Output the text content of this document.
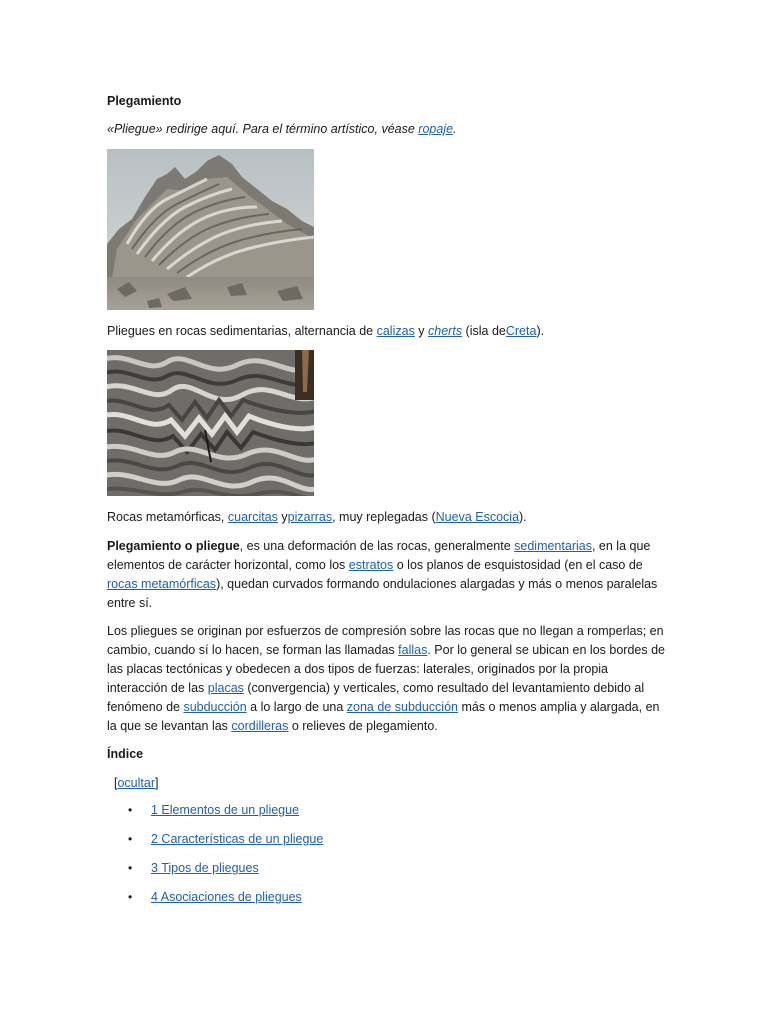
Plegamiento

«Pliegue» redirige aquí. Para el término artístico, véase ropaje.

Pliegues en rocas sedimentarias, alternancia de calizas y cherts (isla deCreta).

Rocas metamórficas, cuarcitas ypizarras, muy replegadas (Nueva Escocia).

Plegamiento o pliegue, es una deformación de las rocas, generalmente sedimentarias, en la que elementos de carácter horizontal, como los estratos o los planos de esquistosidad (en el caso de rocas metamórficas), quedan curvados formando ondulaciones alargadas y más o menos paralelas entre sí.

Los pliegues se originan por esfuerzos de compresión sobre las rocas que no llegan a romperlas; en cambio, cuando sí lo hacen, se forman las llamadas fallas. Por lo general se ubican en los bordes de las placas tectónicas y obedecen a dos tipos de fuerzas: laterales, originados por la propia interacción de las placas (convergencia) y verticales, como resultado del levantamiento debido al fenómeno de subducción a lo largo de una zona de subducción más o menos amplia y alargada, en la que se levantan las cordilleras o relieves de plegamiento.

Índice

[ocultar]

• 1 Elementos de un pliegue
• 2 Características de un pliegue
• 3 Tipos de pliegues
• 4 Asociaciones de pliegues
